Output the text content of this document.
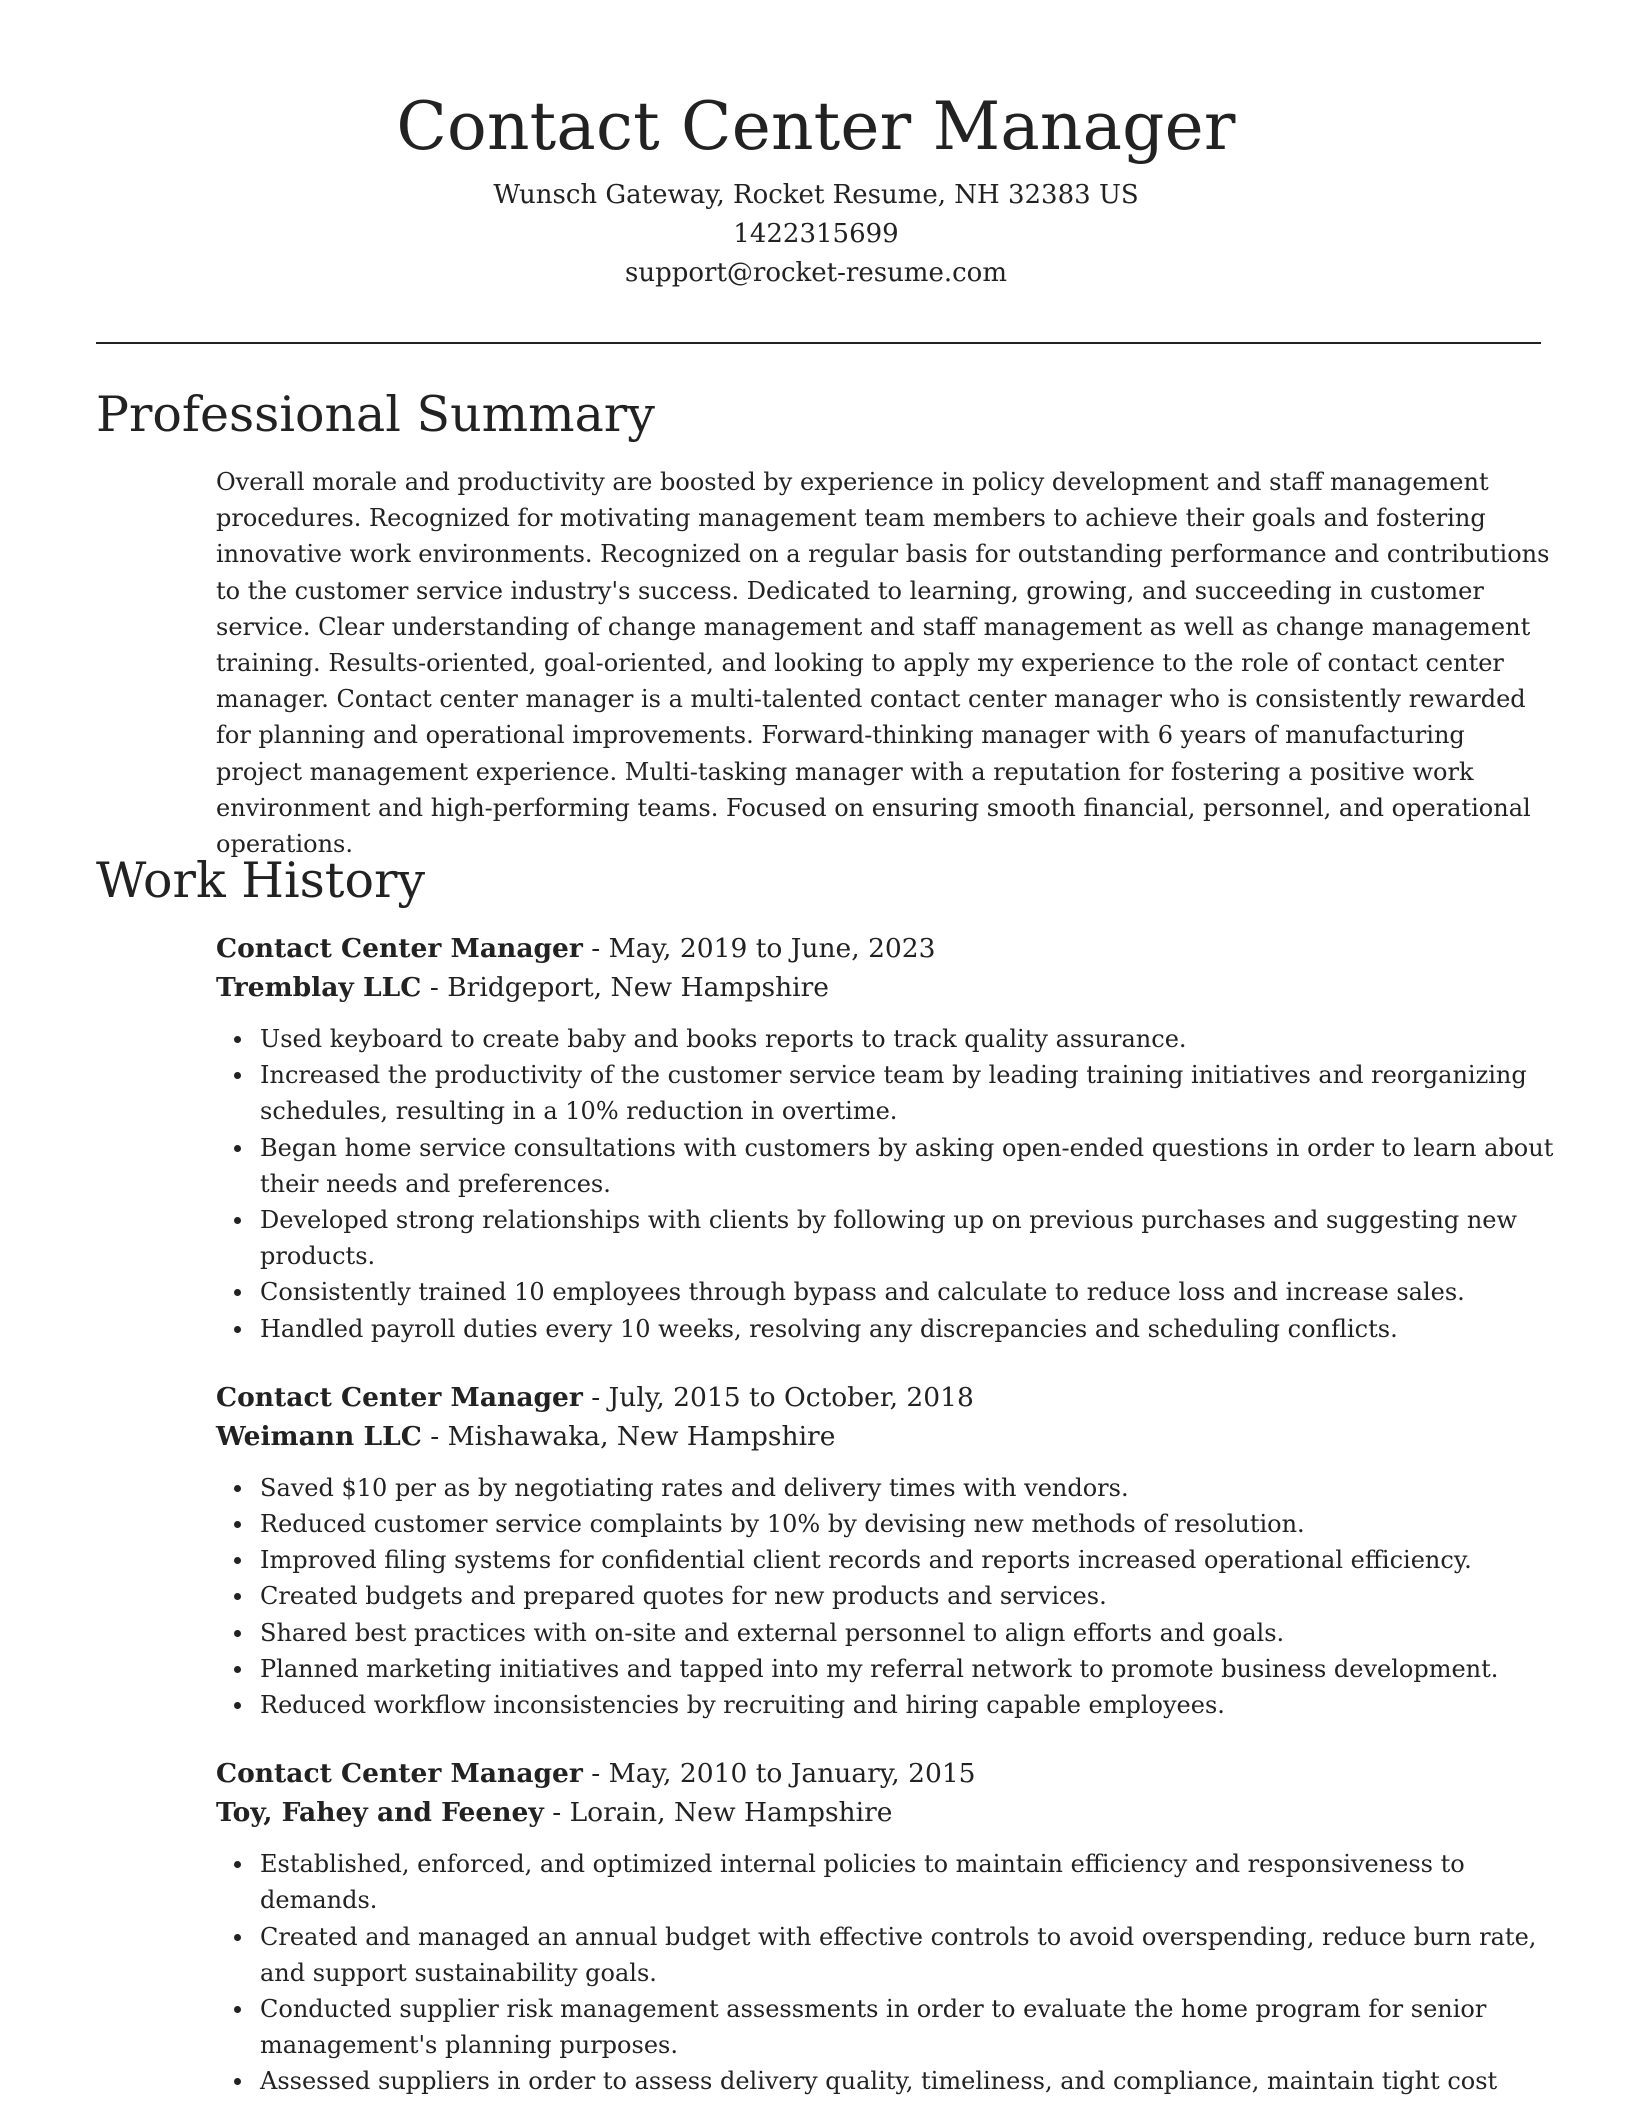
Contact Center Manager
Wunsch Gateway, Rocket Resume, NH 32383 US
1422315699
support@rocket-resume.com
Professional Summary

Overall morale and productivity are boosted by experience in policy development and staff management procedures. Recognized for motivating management team members to achieve their goals and fostering innovative work environments. Recognized on a regular basis for outstanding performance and contributions to the customer service industry's success. Dedicated to learning, growing, and succeeding in customer service. Clear understanding of change management and staff management as well as change management training. Results-oriented, goal-oriented, and looking to apply my experience to the role of contact center manager. Contact center manager is a multi-talented contact center manager who is consistently rewarded for planning and operational improvements. Forward-thinking manager with 6 years of manufacturing project management experience. Multi-tasking manager with a reputation for fostering a positive work environment and high-performing teams. Focused on ensuring smooth financial, personnel, and operational operations.

Work History
Contact Center Manager - May, 2019 to June, 2023
Tremblay LLC - Bridgeport, New Hampshire
Used keyboard to create baby and books reports to track quality assurance.
Increased the productivity of the customer service team by leading training initiatives and reorganizing schedules, resulting in a 10% reduction in overtime.
Began home service consultations with customers by asking open-ended questions in order to learn about their needs and preferences.
Developed strong relationships with clients by following up on previous purchases and suggesting new products.
Consistently trained 10 employees through bypass and calculate to reduce loss and increase sales.
Handled payroll duties every 10 weeks, resolving any discrepancies and scheduling conflicts.
Contact Center Manager - July, 2015 to October, 2018
Weimann LLC - Mishawaka, New Hampshire
Saved $10 per as by negotiating rates and delivery times with vendors.
Reduced customer service complaints by 10% by devising new methods of resolution.
Improved filing systems for confidential client records and reports increased operational efficiency.
Created budgets and prepared quotes for new products and services.
Shared best practices with on-site and external personnel to align efforts and goals.
Planned marketing initiatives and tapped into my referral network to promote business development.
Reduced workflow inconsistencies by recruiting and hiring capable employees.
Contact Center Manager - May, 2010 to January, 2015
Toy, Fahey and Feeney - Lorain, New Hampshire
Established, enforced, and optimized internal policies to maintain efficiency and responsiveness to demands.
Created and managed an annual budget with effective controls to avoid overspending, reduce burn rate, and support sustainability goals.
Conducted supplier risk management assessments in order to evaluate the home program for senior management's planning purposes.
Assessed suppliers in order to assess delivery quality, timeliness, and compliance, maintain tight cost
